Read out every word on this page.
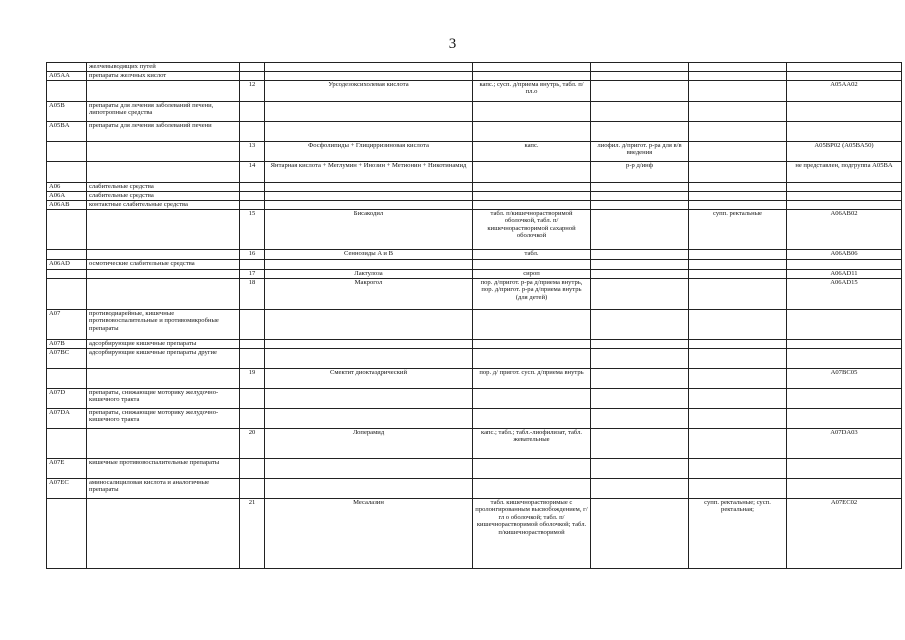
3
	желчевыводящих путей						
A05AA	препараты желчных кислот						
		12	Урсодезоксихолевая кислота	капс.; сусп. д/приема внутрь, табл. п/пл.о			A05AA02
A05B	препараты для лечения заболеваний печени, липотропные средства						
A05BA	препараты для лечения заболеваний печени						
		13	Фосфолипиды + Глицирризиновая кислота	капс.	лиофил. д/пригот. р-ра для в/в введения		A05BP02 (A05BA50)
		14	Янтарная кислота + Меглумин + Инозин + Метионин + Никотинамид		р-р д/инф		не представлен, подгруппа A05BA
A06	слабительные средства						
A06A	слабительные средства						
A06AB	контактные слабительные средства						
		15	Бисакодил	табл. п/кишечнорастворимой оболочкой, табл. п/кишечнорастворимой сахарной оболочкой		супп. ректальные	A06AB02
		16	Сеннозиды A и B	табл.			A06AB06
A06AD	осмотические слабительные средства						
		17	Лактулоза	сироп			A06AD11
		18	Макрогол	пор. д/пригот. р-ра д/приема внутрь, пор. д/пригот. р-ра д/приема внутрь (для детей)			A06AD15
A07	противодиарейные, кишечные противовоспалительные и противомикробные препараты						
A07B	адсорбирующие кишечные препараты						
A07BC	адсорбирующие кишечные препараты другие						
		19	Смектит диоктаэдрический	пор. д/ пригот. сусп. д/приема внутрь			A07BC05
A07D	препараты, снижающие моторику желудочно-кишечного тракта						
A07DA	препараты, снижающие моторику желудочно-кишечного тракта						
		20	Лоперамид	капс.; табл.; табл.-лиофилизат, табл. жевательные			A07DA03
A07E	кишечные противовоспалительные препараты						
A07EC	аминосалициловая кислота и аналогичные препараты						
		21	Месалазин	табл. кишечнорастворимые с пролонгированным высвобождением, г/гл о оболочкой; табл. п/кишечнорастворимой оболочкой; табл. п/кишечнорастворимой		супп. ректальные; сусп. ректальная;	A07EC02
